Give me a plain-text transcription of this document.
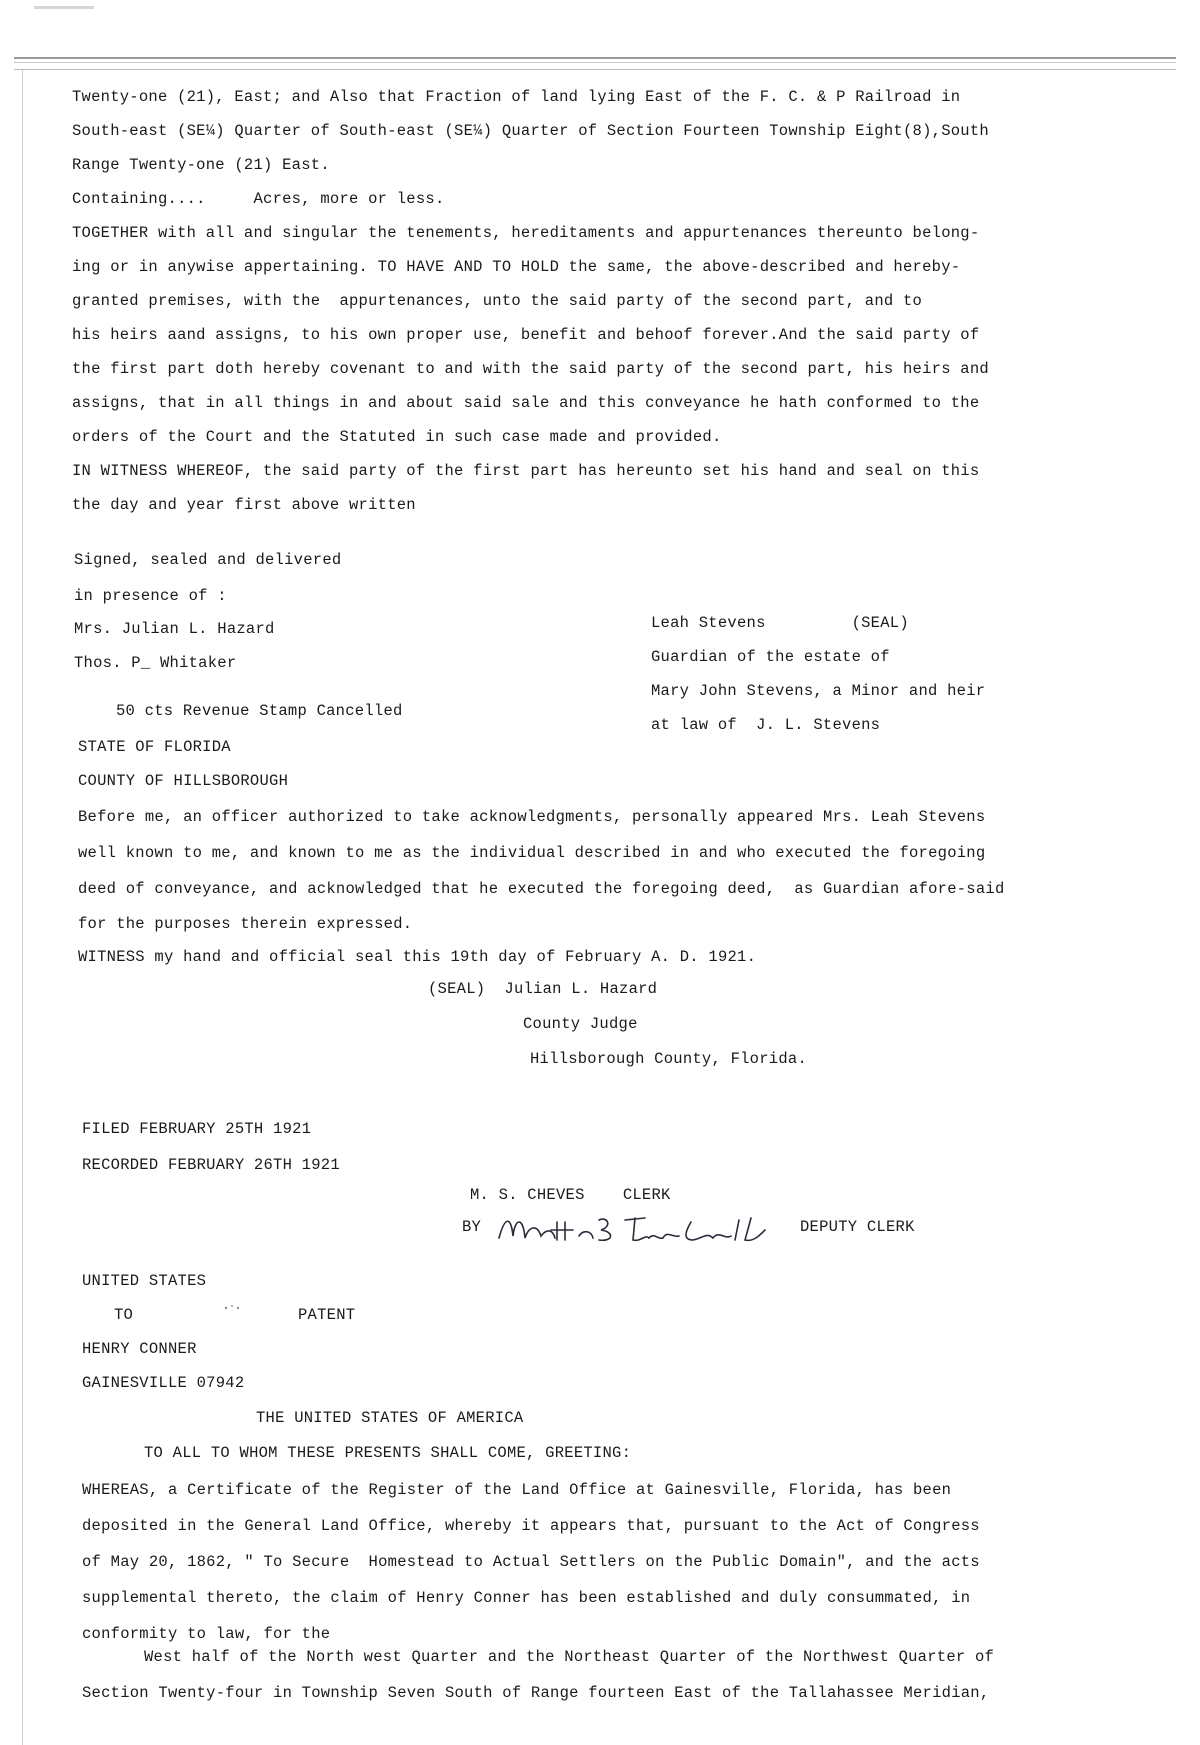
Twenty-one (21), East; and Also that Fraction of land lying East of the F. C. & P Railroad in
South-east (SE¼) Quarter of South-east (SE¼) Quarter of Section Fourteen Township Eight(8),South
Range Twenty-one (21) East.
Containing....     Acres, more or less.
TOGETHER with all and singular the tenements, hereditaments and appurtenances thereunto belong-
ing or in anywise appertaining. TO HAVE AND TO HOLD the same, the above-described and hereby-
granted premises, with the  appurtenances, unto the said party of the second part, and to
his heirs aand assigns, to his own proper use, benefit and behoof forever.And the said party of
the first part doth hereby covenant to and with the said party of the second part, his heirs and
assigns, that in all things in and about said sale and this conveyance he hath conformed to the
orders of the Court and the Statuted in such case made and provided.
IN WITNESS WHEREOF, the said party of the first part has hereunto set his hand and seal on this
the day and year first above written
Signed, sealed and delivered
in presence of :
Mrs. Julian L. Hazard
Thos. P_ Whitaker
Leah Stevens         (SEAL)
Guardian of the estate of
Mary John Stevens, a Minor and heir
at law of  J. L. Stevens
50 cts Revenue Stamp Cancelled
STATE OF FLORIDA
COUNTY OF HILLSBOROUGH
Before me, an officer authorized to take acknowledgments, personally appeared Mrs. Leah Stevens
well known to me, and known to me as the individual described in and who executed the foregoing
deed of conveyance, and acknowledged that he executed the foregoing deed,  as Guardian afore-said
for the purposes therein expressed.
WITNESS my hand and official seal this 19th day of February A. D. 1921.
(SEAL)  Julian L. Hazard
County Judge
Hillsborough County, Florida.
FILED FEBRUARY 25TH 1921
RECORDED FEBRUARY 26TH 1921
M. S. CHEVES    CLERK
BY	DEPUTY CLERK
UNITED STATES
TO	PATENT
HENRY CONNER
GAINESVILLE 07942
THE UNITED STATES OF AMERICA
TO ALL TO WHOM THESE PRESENTS SHALL COME, GREETING:
WHEREAS, a Certificate of the Register of the Land Office at Gainesville, Florida, has been
deposited in the General Land Office, whereby it appears that, pursuant to the Act of Congress
of May 20, 1862, " To Secure  Homestead to Actual Settlers on the Public Domain", and the acts
supplemental thereto, the claim of Henry Conner has been established and duly consummated, in
conformity to law, for the
West half of the North west Quarter and the Northeast Quarter of the Northwest Quarter of
Section Twenty-four in Township Seven South of Range fourteen East of the Tallahassee Meridian,
